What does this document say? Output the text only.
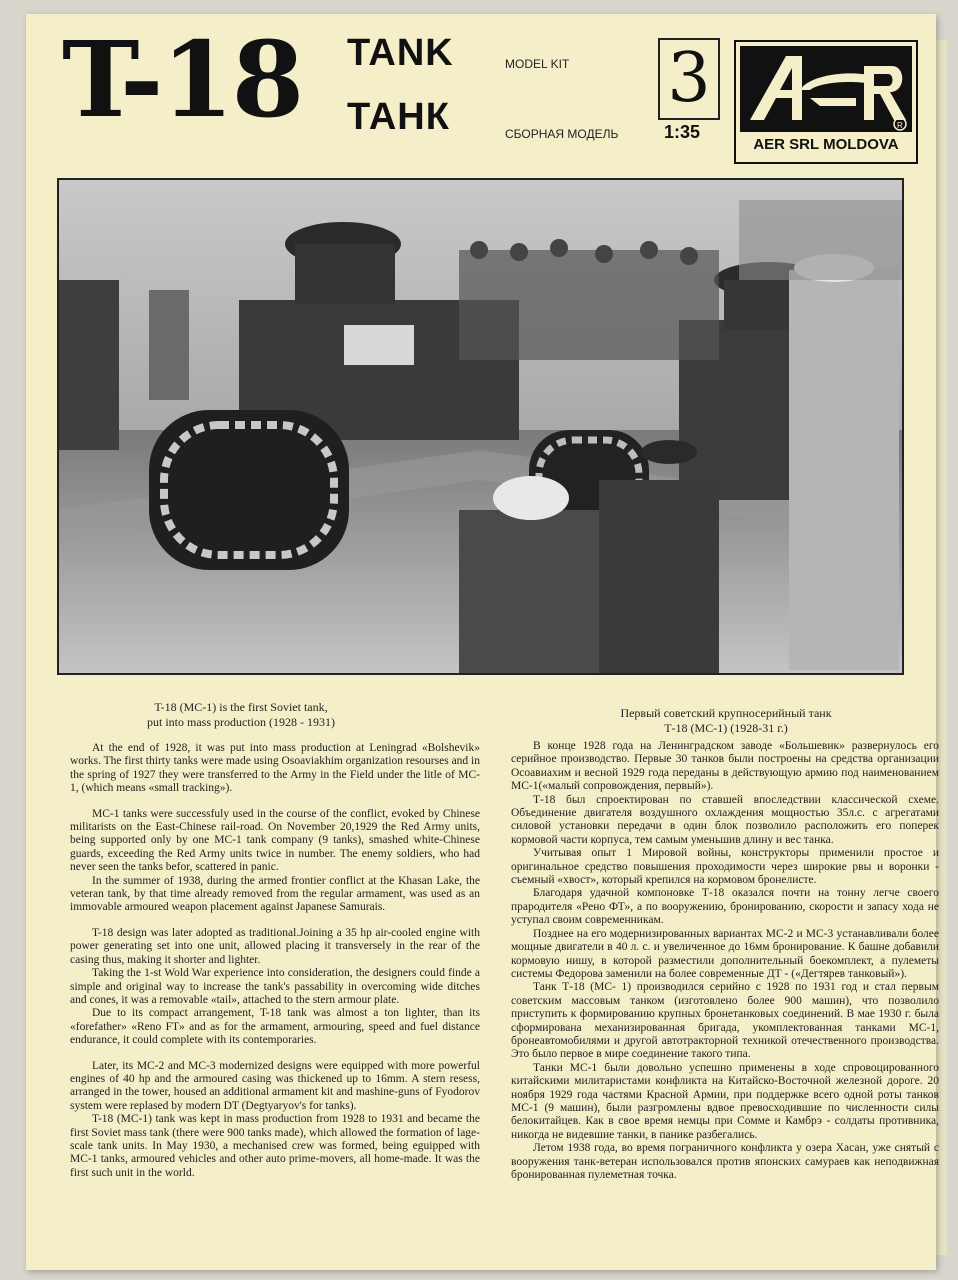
T-18 TANK
ТАНК
MODEL KIT
СБОРНАЯ МОДЕЛЬ
3
1:35	R
AER SRL MOLDOVA
T-18 (MC-1) is the first Soviet tank,
put into mass production (1928 - 1931)
Первый советский крупносерийный танк
Т-18 (МС-1) (1928-31 г.)

At the end of 1928, it was put into mass production at Leningrad «Bolshevik» works. The first thirty tanks were made using Osoaviakhim organization resourses and in the spring of 1927 they were transferred to the Army in the Field under the litle of MC-1, (which means «small tracking»).

MC-1 tanks were successfuly used in the course of the conflict, evoked by Chinese militarists on the East-Chinese rail-road. On November 20,1929 the Red Army units, being supported only by one MC-1 tank company (9 tanks), smashed white-Chinese guards, exceeding the Red Army units twice in number. The enemy soldiers, who had never seen the tanks befor, scattered in panic.

In the summer of 1938, during the armed frontier conflict at the Khasan Lake, the veteran tank, by that time already removed from the regular armament, was used as an immovable armoured weapon placement against Japanese Samurais.

T-18 design was later adopted as traditional.Joining a 35 hp air-cooled engine with power generating set into one unit, allowed placing it transversely in the rear of the casing thus, making it shorter and lighter.

Taking the 1-st Wold War experience into consideration, the designers could finde a simple and original way to increase the tank's passability in overcoming wide ditches and cones, it was a removable «tail», attached to the stern armour plate.

Due to its compact arrangement, T-18 tank was almost a ton lighter, than its «forefather» «Reno FT» and as for the armament, armouring, speed and fuel distance endurance, it could complete with its contemporaries.

Later, its MC-2 and MC-3 modernized designs were equipped with more powerful engines of 40 hp and the armoured casing was thickened up to 16mm. A stern resess, arranged in the tower, housed an additional armament kit and mashine-guns of Fyodorov system were replased by modern DT (Degtyaryov's for tanks).

T-18 (MC-1) tank was kept in mass production from 1928 to 1931 and became the first Soviet mass tank (there were 900 tanks made), which allowed the formation of lage-scale tank units. In May 1930, a mechanised crew was formed, being eguipped with MC-1 tanks, armoured vehicles and other auto prime-movers, all home-made. It was the first such unit in the world.

В конце 1928 года на Ленинградском заводе «Большевик» развернулось его серийное производство. Первые 30 танков были построены на средства организации Осоавиахим и весной 1929 года переданы в действующую армию под наименованием МС-1(«малый сопровождения, первый»).

Т-18 был спроектирован по ставшей впоследствии классической схеме. Объединение двигателя воздушного охлаждения мощностью 35л.с. с агрегатами силовой установки передачи в один блок позволило расположить его поперек кормовой части корпуса, тем самым уменьшив длину и вес танка.

Учитывая опыт 1 Мировой войны, конструкторы применили простое и оригинальное средство повышения проходимости через широкие рвы и воронки - съемный «хвост», который крепился на кормовом бронелисте.

Благодаря удачной компоновке Т-18 оказался почти на тонну легче своего прародителя «Рено ФТ», а по вооружению, бронированию, скорости и запасу хода не уступал своим современникам.

Позднее на его модернизированных вариантах МС-2 и МС-3 устанавливали более мощные двигатели в 40 л. с. и увеличенное до 16мм бронирование. К башне добавили кормовую нишу, в которой разместили дополнительный боекомплект, а пулеметы системы Федорова заменили на более современные ДТ - («Дегтярев танковый»).

Танк Т-18 (МС- 1) производился серийно с 1928 по 1931 год и стал первым советским массовым танком (изготовлено более 900 машин), что позволило приступить к формированию крупных бронетанковых соединений. В мае 1930 г. была сформирована механизированная бригада, укомплектованная танками МС-1, бронеавтомобилями и другой автотракторной техникой отечественного производства. Это было первое в мире соединение такого типа.

Танки МС-1 были довольно успешно применены в ходе спровоцированного китайскими милитаристами конфликта на Китайско-Восточной железной дороге. 20 ноября 1929 года частями Красной Армии, при поддержке всего одной роты танков МС-1 (9 машин), были разгромлены вдвое превосходившие по численности силы белокитайцев. Как в свое время немцы при Сомме и Камбрэ - солдаты противника, никогда не видевшие танки, в панике разбегались.

Летом 1938 года, во время пограничного конфликта у озера Хасан, уже снятый с вооружения танк-ветеран использовался против японских самураев как неподвижная бронированная пулеметная точка.
